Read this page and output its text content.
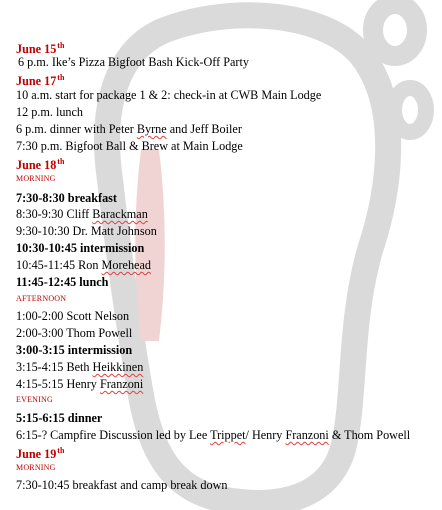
June 15th
6 p.m. Ike’s Pizza Bigfoot Bash Kick-Off Party
June 17th
10 a.m. start for package 1 & 2: check-in at CWB Main Lodge
12 p.m. lunch
6 p.m. dinner with Peter Byrne and Jeff Boiler
7:30 p.m. Bigfoot Ball & Brew at Main Lodge
June 18th
MORNING
7:30-8:30 breakfast
8:30-9:30 Cliff Barackman
9:30-10:30 Dr. Matt Johnson
10:30-10:45 intermission
10:45-11:45 Ron Morehead
11:45-12:45 lunch
AFTERNOON
1:00-2:00 Scott Nelson
2:00-3:00 Thom Powell
3:00-3:15 intermission
3:15-4:15 Beth Heikkinen
4:15-5:15 Henry Franzoni
EVENING
5:15-6:15 dinner
6:15-? Campfire Discussion led by Lee Trippet/ Henry Franzoni & Thom Powell
June 19th
MORNING
7:30-10:45 breakfast and camp break down
